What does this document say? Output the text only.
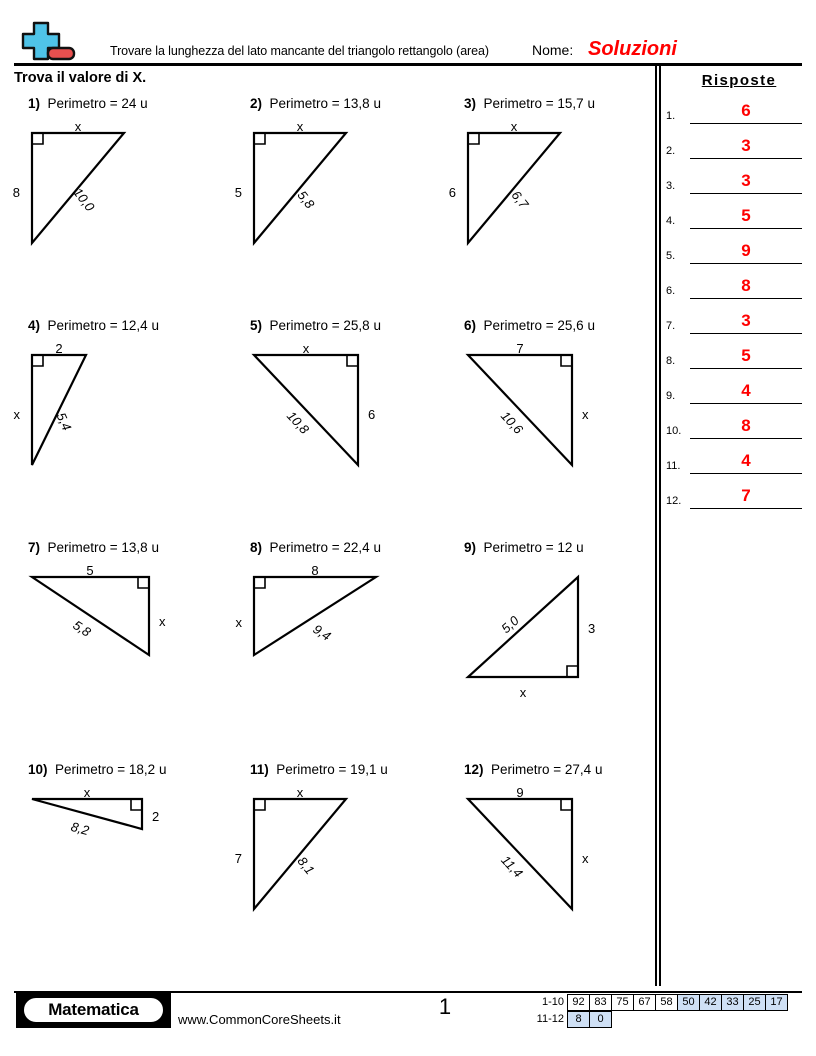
Trovare la lunghezza del lato mancante del triangolo rettangolo (area)	Nome: Soluzioni
Trova il valore di X.
1)  Perimetro = 24 u
x
8	10,0
2)  Perimetro = 13,8 u
x
5	5,8
3)  Perimetro = 15,7 u
x
6	6,7
4)  Perimetro = 12,4 u
2
x	5,4
5)  Perimetro = 25,8 u
x
6
10,8
6)  Perimetro = 25,6 u
7
x
10,6
7)  Perimetro = 13,8 u
5
x
5,8
8)  Perimetro = 22,4 u
8
x	9,4
9)  Perimetro = 12 u
x
3
5,0
10)  Perimetro = 18,2 u
x
2
8,2
11)  Perimetro = 19,1 u
x
7	8,1
12)  Perimetro = 27,4 u
9
x
11,4
Risposte
1.	6
2.	3
3.	3
4.	5
5.	9
6.	8
7.	3
8.	5
9.	4
10.	8
11.	4
12.	7
Matematica
www.CommonCoreSheets.it
1	1-10 92 83 75 67 58 50 42 33 25 17
11-12	8	0
